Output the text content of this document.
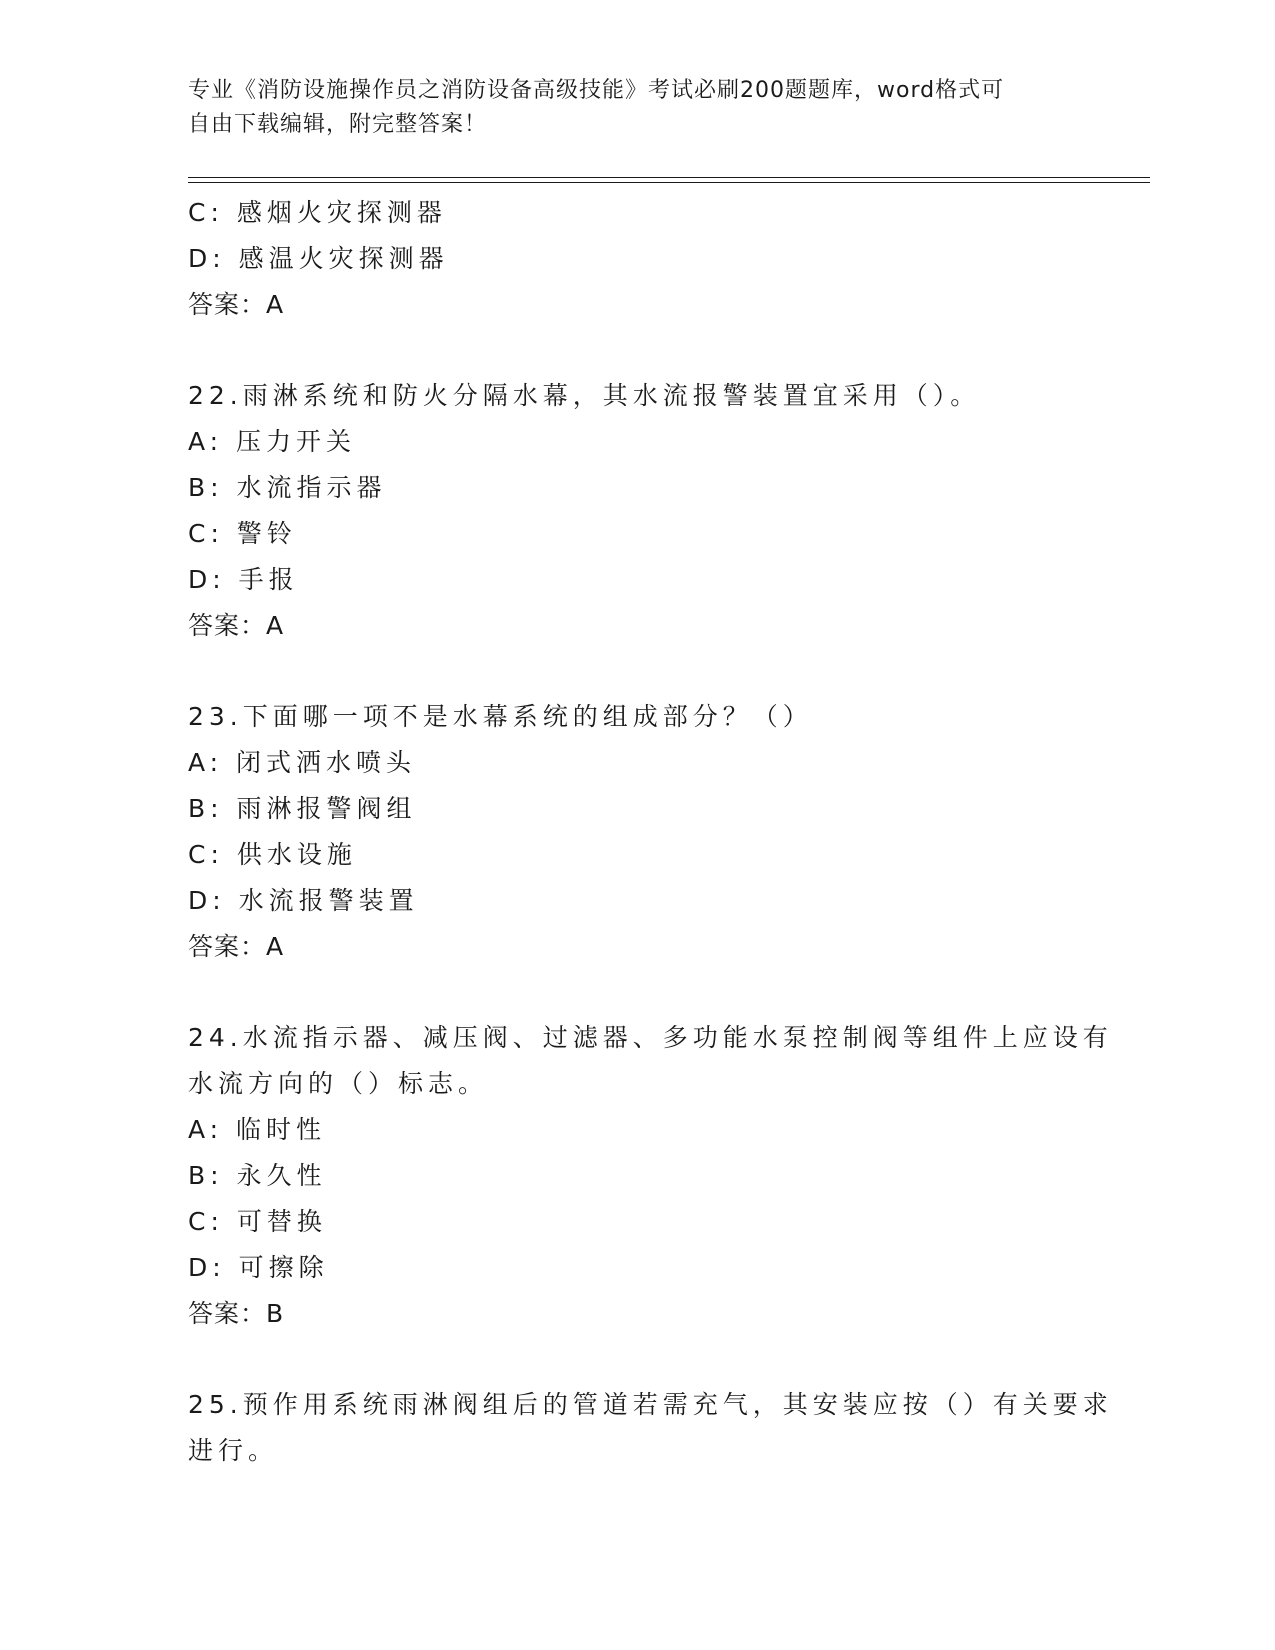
专业《消防设施操作员之消防设备高级技能》考试必刷200题题库，word格式可
自由下载编辑，附完整答案！
C: 感烟火灾探测器
D: 感温火灾探测器
答案：A
22.雨淋系统和防火分隔水幕，其水流报警装置宜采用（）。
A: 压力开关
B: 水流指示器
C: 警铃
D: 手报
答案：A
23.下面哪一项不是水幕系统的组成部分？（）
A: 闭式洒水喷头
B: 雨淋报警阀组
C: 供水设施
D: 水流报警装置
答案：A
24.水流指示器、减压阀、过滤器、多功能水泵控制阀等组件上应设有
水流方向的（）标志。
A: 临时性
B: 永久性
C: 可替换
D: 可擦除
答案：B
25.预作用系统雨淋阀组后的管道若需充气，其安装应按（）有关要求
进行。
